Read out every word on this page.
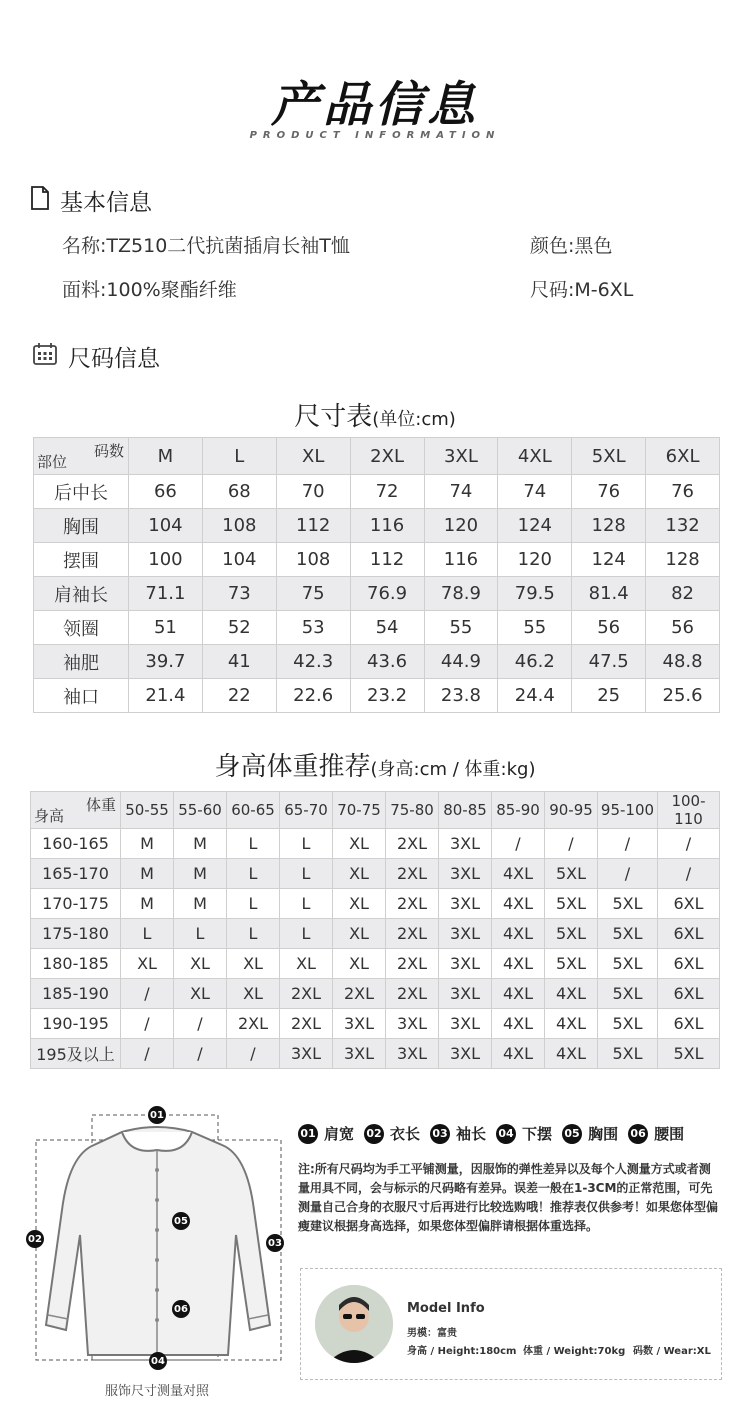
产品信息
PRODUCT INFORMATION
基本信息
名称:TZ510二代抗菌插肩长袖T恤	颜色:黑色
面料:100%聚酯纤维	尺码:M-6XL
尺码信息
尺寸表(单位:cm)
码数
部位	M	L	XL	2XL	3XL	4XL	5XL	6XL
后中长	66	68	70	72	74	74	76	76
胸围	104	108	112	116	120	124	128	132
摆围	100	104	108	112	116	120	124	128
肩袖长	71.1	73	75	76.9	78.9	79.5	81.4	82
领圈	51	52	53	54	55	55	56	56
袖肥	39.7	41	42.3	43.6	44.9	46.2	47.5	48.8
袖口	21.4	22	22.6	23.2	23.8	24.4	25	25.6
身高体重推荐(身高:cm / 体重:kg)
体重
身高	50-55	55-60	60-65	65-70	70-75	75-80	80-85	85-90	90-95	95-100	100-110
160-165	M	M	L	L	XL	2XL	3XL	/	/	/	/
165-170	M	M	L	L	XL	2XL	3XL	4XL	5XL	/	/
170-175	M	M	L	L	XL	2XL	3XL	4XL	5XL	5XL	6XL
175-180	L	L	L	L	XL	2XL	3XL	4XL	5XL	5XL	6XL
180-185	XL	XL	XL	XL	XL	2XL	3XL	4XL	5XL	5XL	6XL
185-190	/	XL	XL	2XL	2XL	2XL	3XL	4XL	4XL	5XL	6XL
190-195	/	/	2XL	2XL	3XL	3XL	3XL	4XL	4XL	5XL	6XL
195及以上	/	/	/	3XL	3XL	3XL	3XL	4XL	4XL	5XL	5XL
01
02	03
04
05
06
服饰尺寸测量对照
01 肩宽 02 衣长 03 袖长 04 下摆 05 胸围 06 腰围
注:所有尺码均为手工平铺测量，因服饰的弹性差异以及每个人测量方式或者测量用具不同，会与标示的尺码略有差异。误差一般在1-3CM的正常范围，可先测量自己合身的衣服尺寸后再进行比较选购哦！推荐表仅供参考！如果您体型偏瘦建议根据身高选择，如果您体型偏胖请根据体重选择。
Model Info
男模：富贵
身高 / Height:180cm 体重 / Weight:70kg 码数 / Wear:XL
